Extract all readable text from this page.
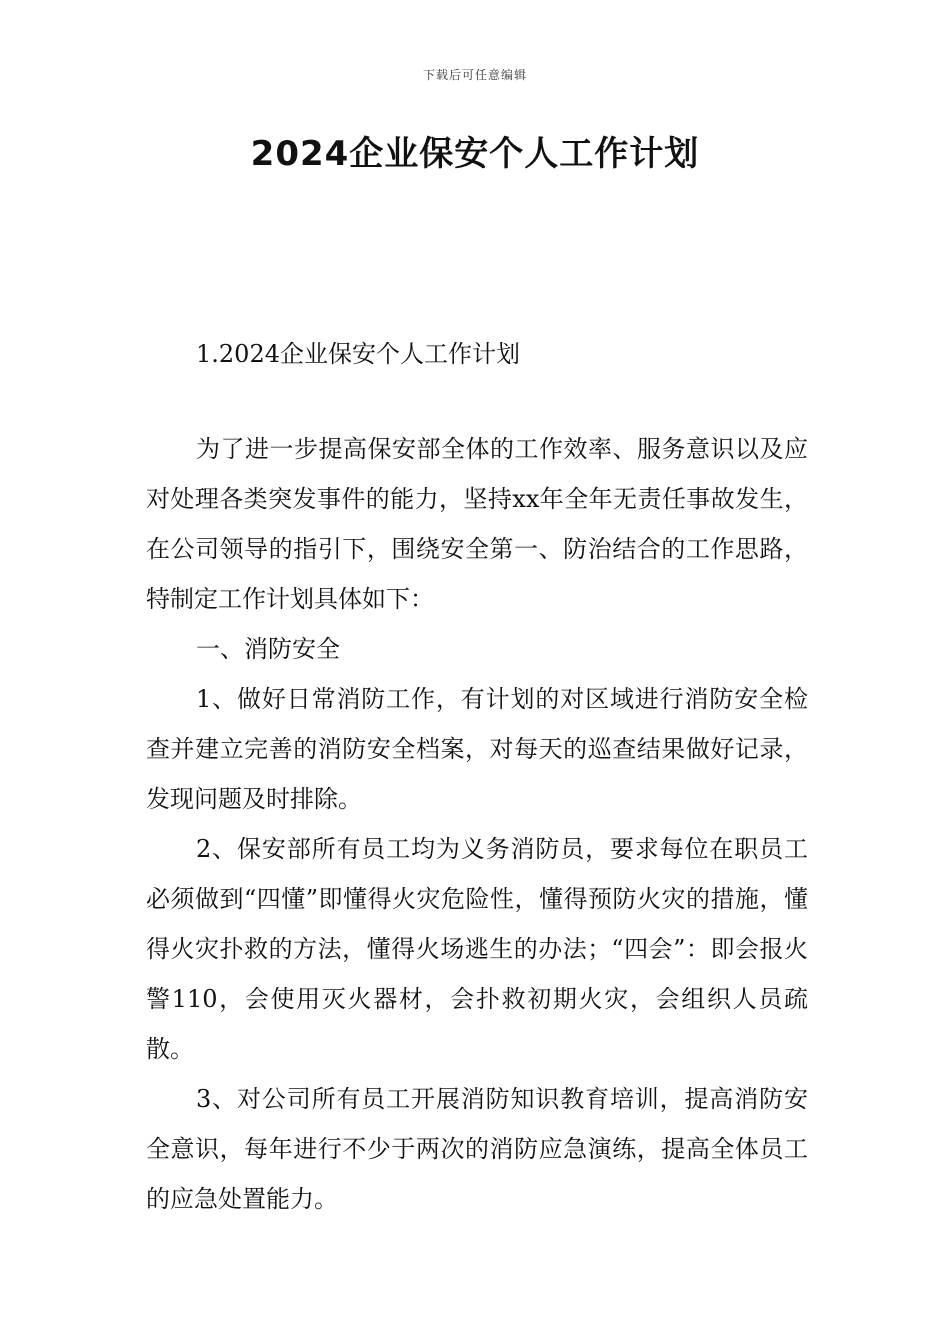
下载后可任意编辑
2024企业保安个人工作计划
1.2024企业保安个人工作计划

为了进一步提高保安部全体的工作效率、服务意识以及应对处理各类突发事件的能力，坚持xx年全年无责任事故发生，在公司领导的指引下，围绕安全第一、防治结合的工作思路，特制定工作计划具体如下：

一、消防安全

1、做好日常消防工作，有计划的对区域进行消防安全检查并建立完善的消防安全档案，对每天的巡查结果做好记录，发现问题及时排除。

2、保安部所有员工均为义务消防员，要求每位在职员工必须做到“四懂”即懂得火灾危险性，懂得预防火灾的措施，懂得火灾扑救的方法，懂得火场逃生的办法；“四会”：即会报火警110，会使用灭火器材，会扑救初期火灾，会组织人员疏散。

3、对公司所有员工开展消防知识教育培训，提高消防安全意识，每年进行不少于两次的消防应急演练，提高全体员工的应急处置能力。
